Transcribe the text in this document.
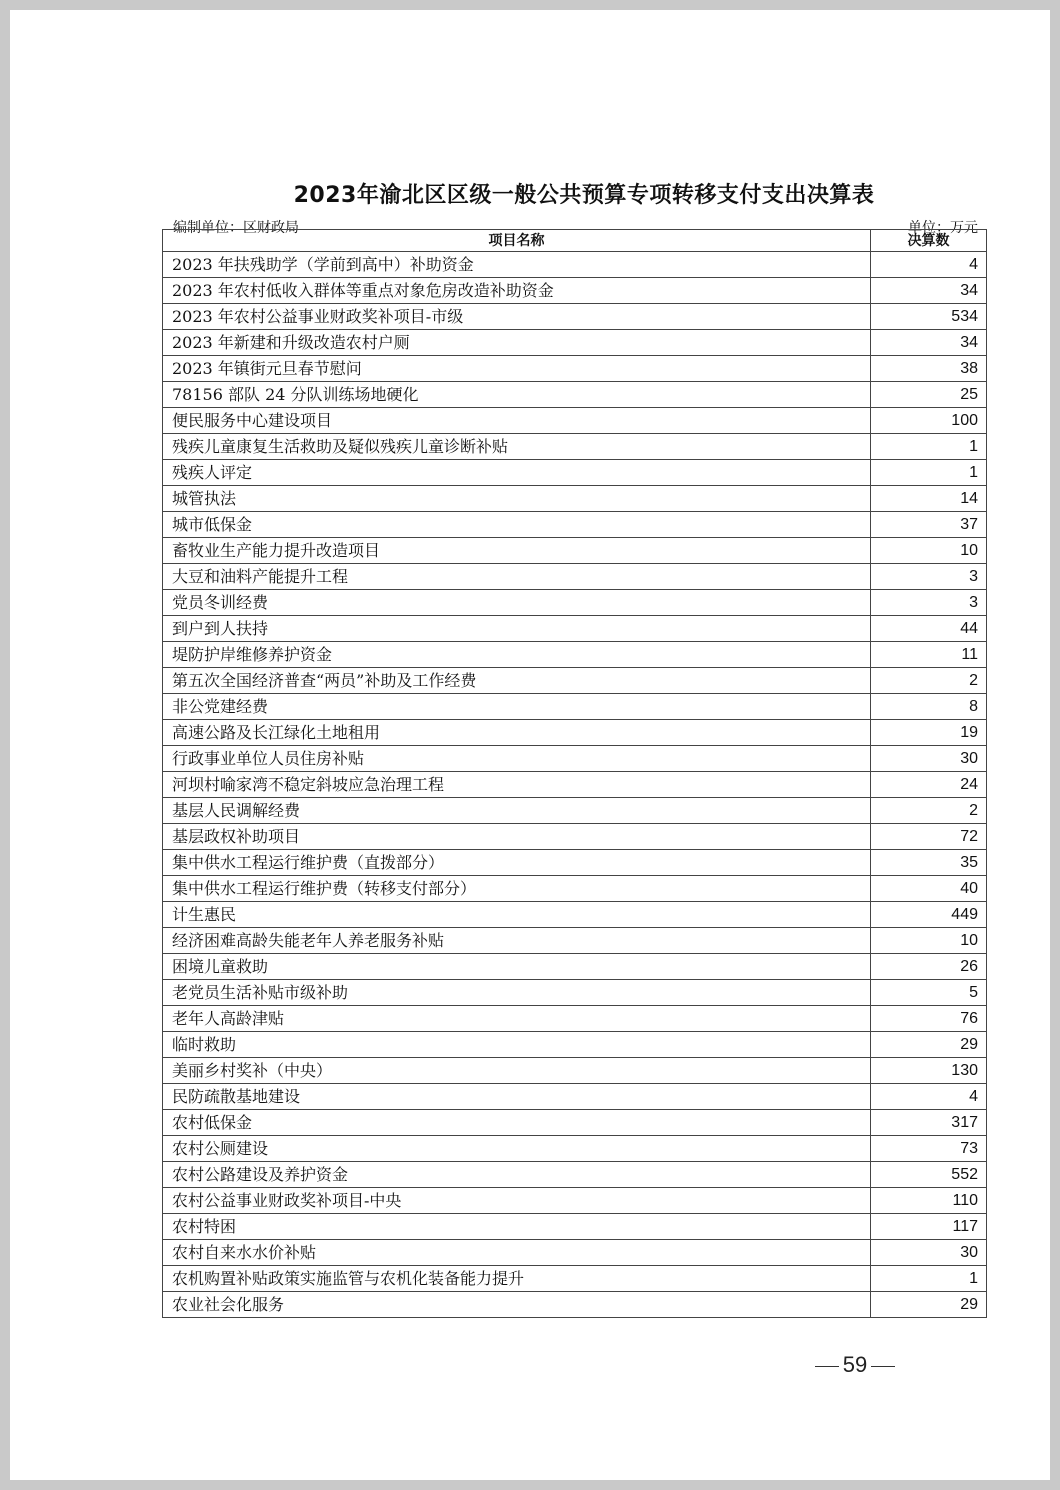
2023年渝北区区级一般公共预算专项转移支付支出决算表
编制单位：区财政局	单位：万元
项目名称	决算数
2023 年扶残助学（学前到高中）补助资金	4
2023 年农村低收入群体等重点对象危房改造补助资金	34
2023 年农村公益事业财政奖补项目-市级	534
2023 年新建和升级改造农村户厕	34
2023 年镇街元旦春节慰问	38
78156 部队 24 分队训练场地硬化	25
便民服务中心建设项目	100
残疾儿童康复生活救助及疑似残疾儿童诊断补贴	1
残疾人评定	1
城管执法	14
城市低保金	37
畜牧业生产能力提升改造项目	10
大豆和油料产能提升工程	3
党员冬训经费	3
到户到人扶持	44
堤防护岸维修养护资金	11
第五次全国经济普查“两员”补助及工作经费	2
非公党建经费	8
高速公路及长江绿化土地租用	19
行政事业单位人员住房补贴	30
河坝村喻家湾不稳定斜坡应急治理工程	24
基层人民调解经费	2
基层政权补助项目	72
集中供水工程运行维护费（直拨部分）	35
集中供水工程运行维护费（转移支付部分）	40
计生惠民	449
经济困难高龄失能老年人养老服务补贴	10
困境儿童救助	26
老党员生活补贴市级补助	5
老年人高龄津贴	76
临时救助	29
美丽乡村奖补（中央）	130
民防疏散基地建设	4
农村低保金	317
农村公厕建设	73
农村公路建设及养护资金	552
农村公益事业财政奖补项目-中央	110
农村特困	117
农村自来水水价补贴	30
农机购置补贴政策实施监管与农机化装备能力提升	1
农业社会化服务	29
59
